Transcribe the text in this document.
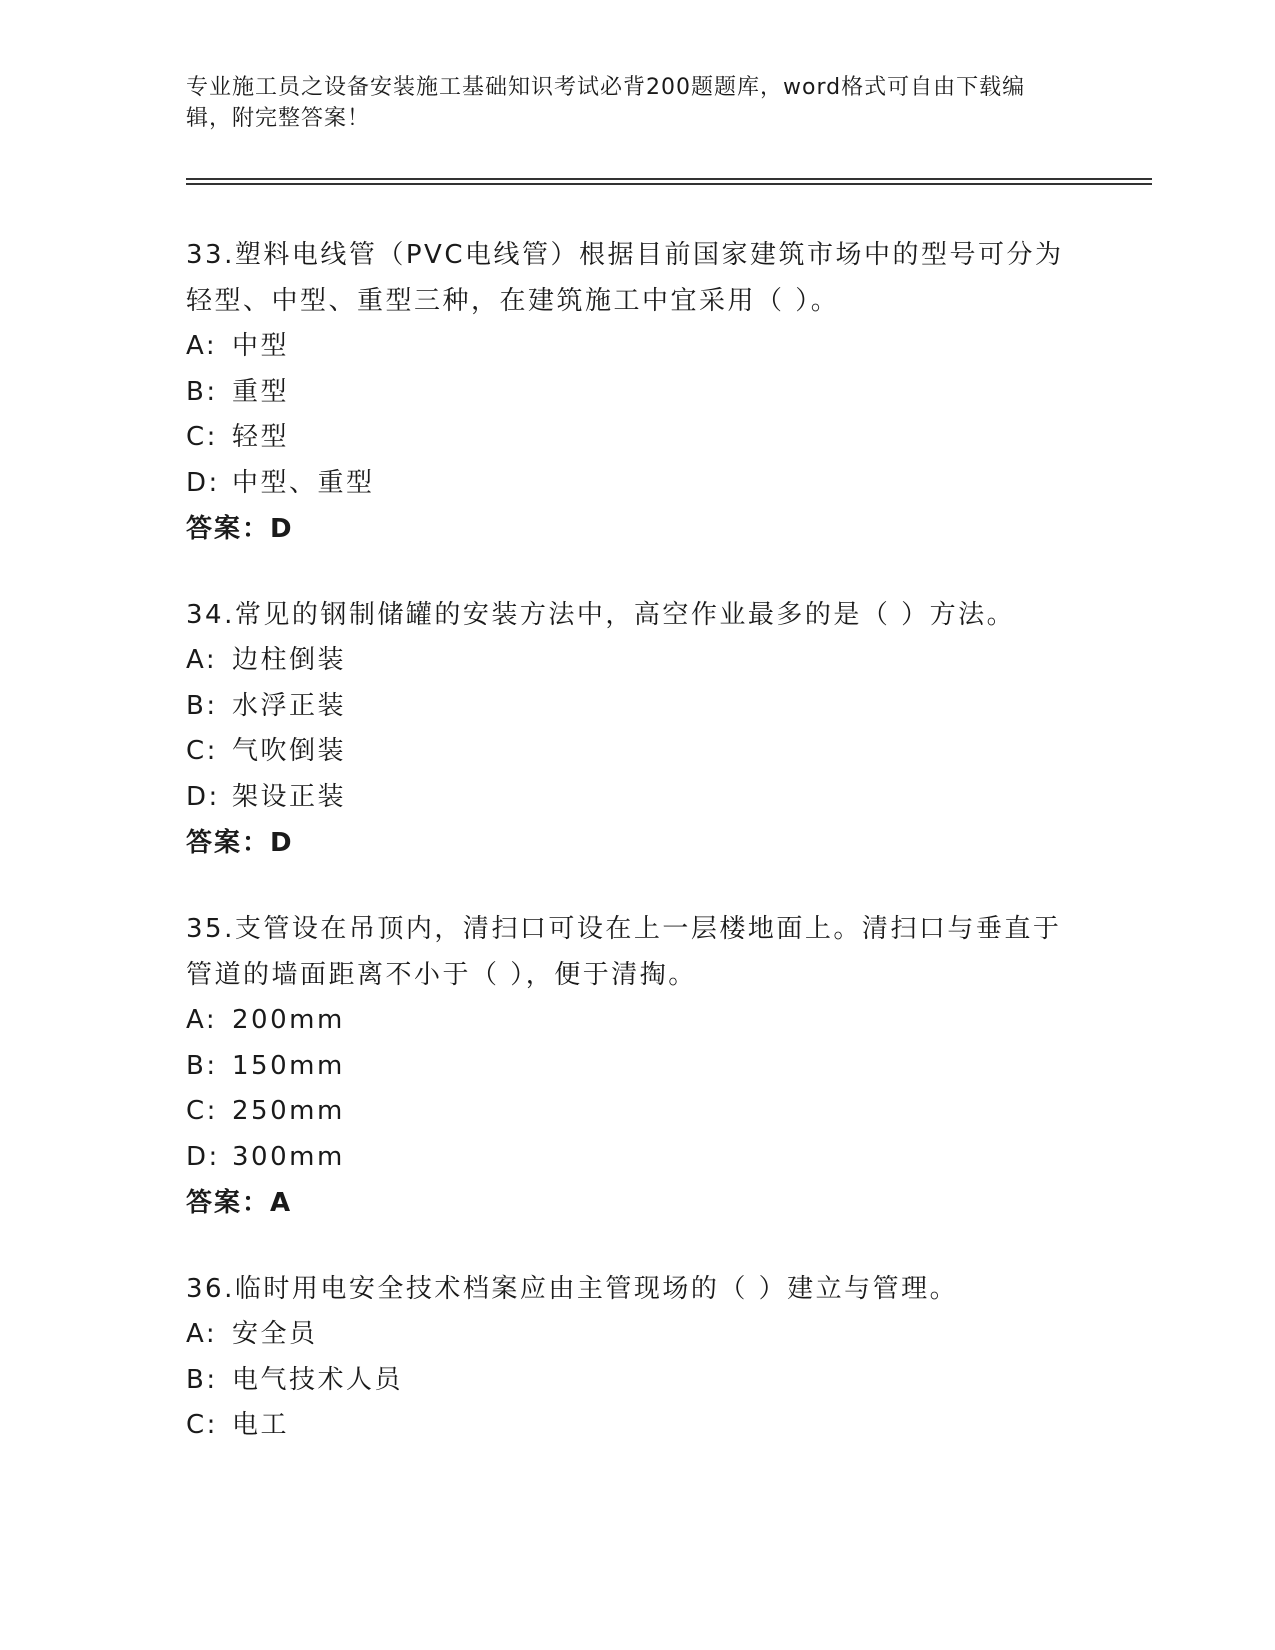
专业施工员之设备安装施工基础知识考试必背200题题库，word格式可自由下载编辑，附完整答案！
33.塑料电线管（PVC电线管）根据目前国家建筑市场中的型号可分为轻型、中型、重型三种，在建筑施工中宜采用（ ）。
A: 中型
B: 重型
C: 轻型
D: 中型、重型
答案：D
34.常见的钢制储罐的安装方法中，高空作业最多的是（ ）方法。
A: 边柱倒装
B: 水浮正装
C: 气吹倒装
D: 架设正装
答案：D
35.支管设在吊顶内，清扫口可设在上一层楼地面上。清扫口与垂直于管道的墙面距离不小于（ ），便于清掏。
A: 200mm
B: 150mm
C: 250mm
D: 300mm
答案：A
36.临时用电安全技术档案应由主管现场的（ ）建立与管理。
A: 安全员
B: 电气技术人员
C: 电工
